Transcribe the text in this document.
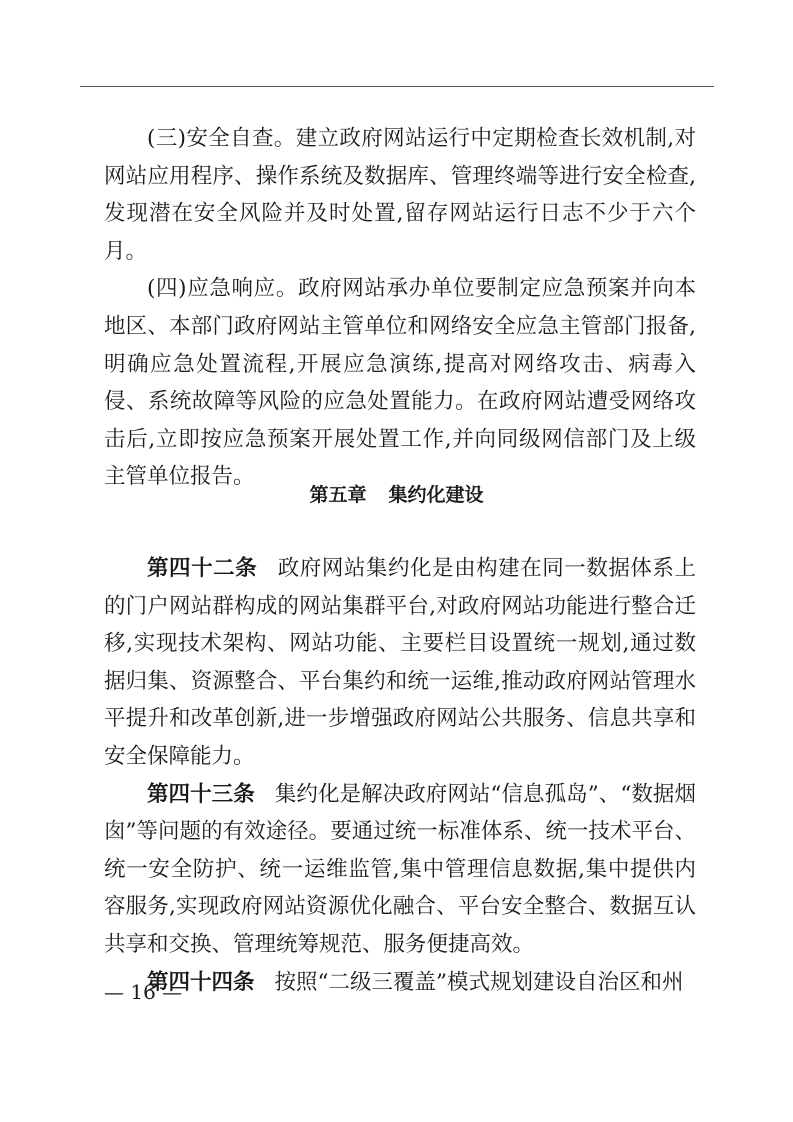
(三)安全自查。建立政府网站运行中定期检查长效机制,对网站应用程序、操作系统及数据库、管理终端等进行安全检查,发现潜在安全风险并及时处置,留存网站运行日志不少于六个月。

(四)应急响应。政府网站承办单位要制定应急预案并向本地区、本部门政府网站主管单位和网络安全应急主管部门报备,明确应急处置流程,开展应急演练,提高对网络攻击、病毒入侵、系统故障等风险的应急处置能力。在政府网站遭受网络攻击后,立即按应急预案开展处置工作,并向同级网信部门及上级主管单位报告。

第五章 集约化建设

第四十二条 政府网站集约化是由构建在同一数据体系上的门户网站群构成的网站集群平台,对政府网站功能进行整合迁移,实现技术架构、网站功能、主要栏目设置统一规划,通过数据归集、资源整合、平台集约和统一运维,推动政府网站管理水平提升和改革创新,进一步增强政府网站公共服务、信息共享和安全保障能力。

第四十三条 集约化是解决政府网站“信息孤岛”、“数据烟囱”等问题的有效途径。要通过统一标准体系、统一技术平台、统一安全防护、统一运维监管,集中管理信息数据,集中提供内容服务,实现政府网站资源优化融合、平台安全整合、数据互认共享和交换、管理统筹规范、服务便捷高效。

第四十四条 按照“二级三覆盖”模式规划建设自治区和州

— 16 —
